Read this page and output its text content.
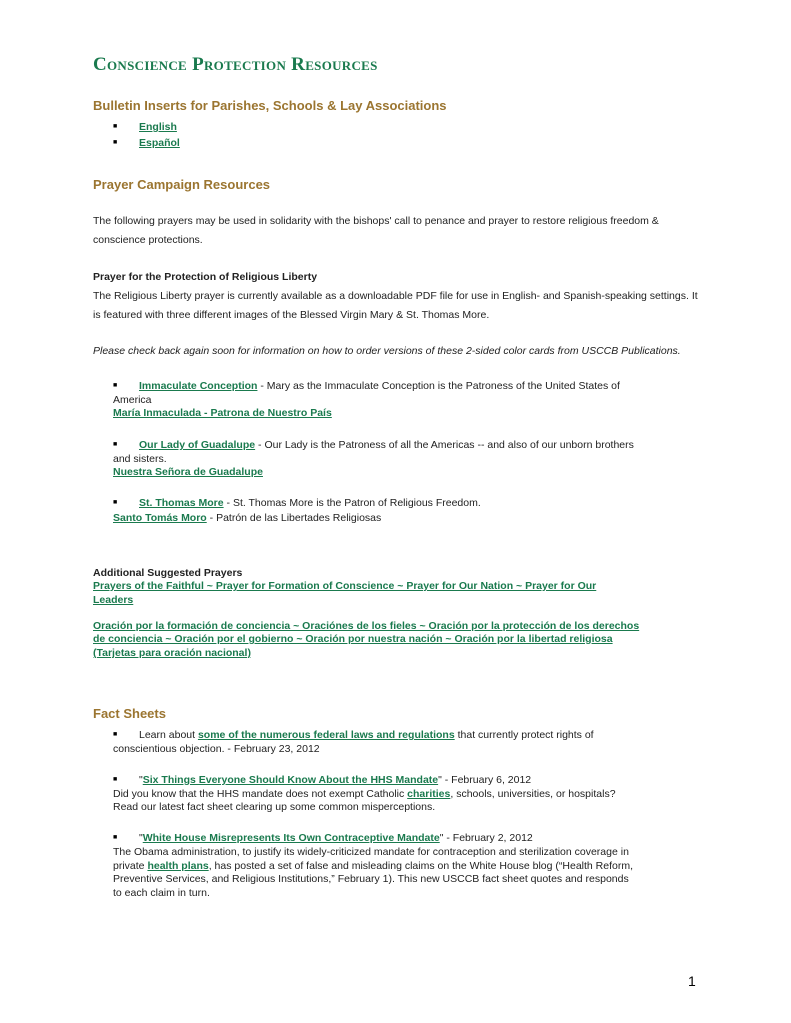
Conscience Protection Resources
Bulletin Inserts for Parishes, Schools & Lay Associations
■ English
■ Español
Prayer Campaign Resources
The following prayers may be used in solidarity with the bishops' call to penance and prayer to restore religious freedom & conscience protections.
Prayer for the Protection of Religious Liberty
The Religious Liberty prayer is currently available as a downloadable PDF file for use in English- and Spanish-speaking settings. It is featured with three different images of the Blessed Virgin Mary & St. Thomas More.
Please check back again soon for information on how to order versions of these 2-sided color cards from USCCB Publications.
■ Immaculate Conception - Mary as the Immaculate Conception is the Patroness of the United States of
America
María Inmaculada - Patrona de Nuestro País
■ Our Lady of Guadalupe - Our Lady is the Patroness of all the Americas -- and also of our unborn brothers
and sisters.
Nuestra Señora de Guadalupe
■ St. Thomas More - St. Thomas More is the Patron of Religious Freedom.
Santo Tomás Moro - Patrón de las Libertades Religiosas
Additional Suggested Prayers
Prayers of the Faithful ~ Prayer for Formation of Conscience ~ Prayer for Our Nation ~ Prayer for Our
Leaders
Oración por la formación de conciencia ~ Oraciónes de los fieles ~ Oración por la protección de los derechos
de conciencia ~ Oración por el gobierno ~ Oración por nuestra nación ~ Oración por la libertad religiosa
(Tarjetas para oración nacional)
Fact Sheets
■ Learn about some of the numerous federal laws and regulations that currently protect rights of
conscientious objection. - February 23, 2012
■ "Six Things Everyone Should Know About the HHS Mandate" - February 6, 2012
Did you know that the HHS mandate does not exempt Catholic charities, schools, universities, or hospitals?
Read our latest fact sheet clearing up some common misperceptions.
■ "White House Misrepresents Its Own Contraceptive Mandate" - February 2, 2012
The Obama administration, to justify its widely-criticized mandate for contraception and sterilization coverage in
private health plans, has posted a set of false and misleading claims on the White House blog (“Health Reform,
Preventive Services, and Religious Institutions,” February 1). This new USCCB fact sheet quotes and responds
to each claim in turn.
1
